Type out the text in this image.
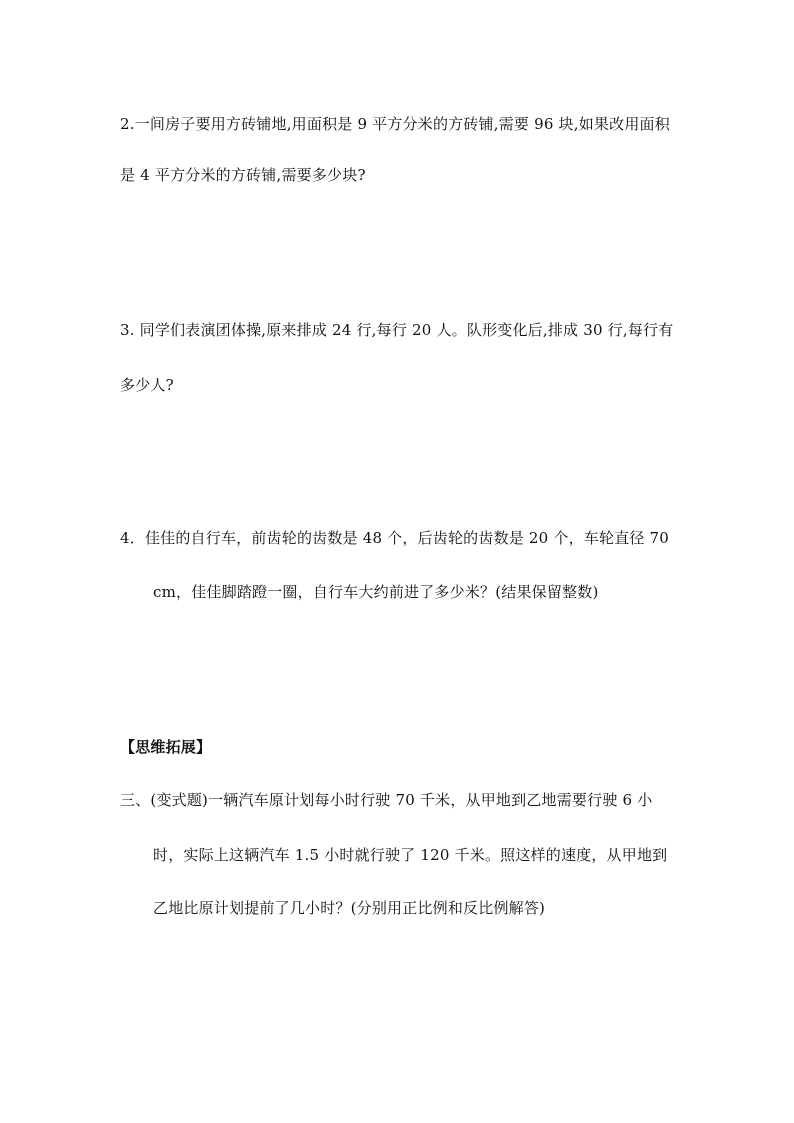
2.一间房子要用方砖铺地,用面积是 9 平方分米的方砖铺,需要 96 块,如果改用面积
是 4 平方分米的方砖铺,需要多少块?
3. 同学们表演团体操,原来排成 24 行,每行 20 人。队形变化后,排成 30 行,每行有
多少人?
4．佳佳的自行车，前齿轮的齿数是 48 个，后齿轮的齿数是 20 个，车轮直径 70
cm，佳佳脚踏蹬一圈，自行车大约前进了多少米？(结果保留整数)
【思维拓展】
三、(变式题)一辆汽车原计划每小时行驶 70 千米，从甲地到乙地需要行驶 6 小
时，实际上这辆汽车 1.5 小时就行驶了 120 千米。照这样的速度，从甲地到
乙地比原计划提前了几小时？(分别用正比例和反比例解答)
